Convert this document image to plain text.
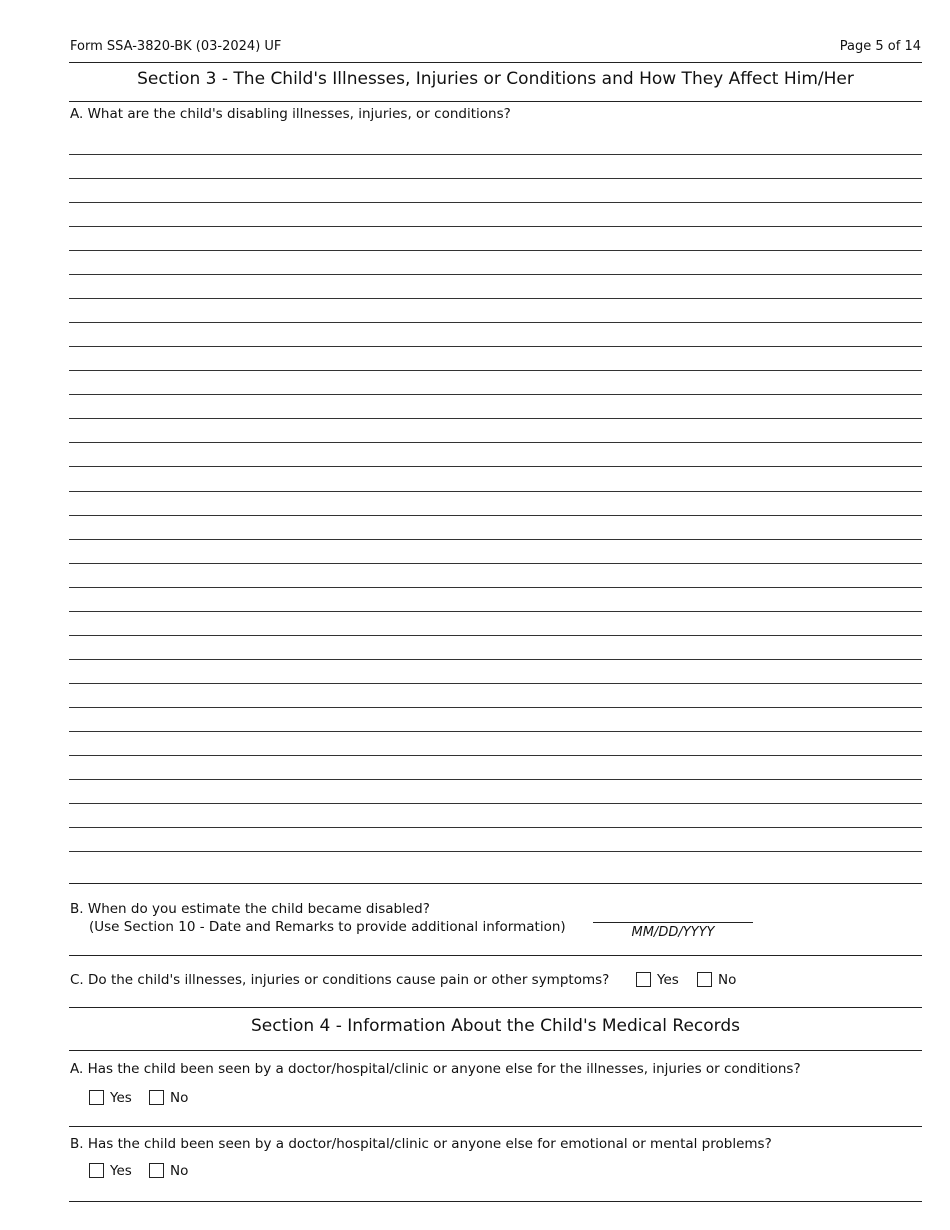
Form SSA-3820-BK (03-2024) UF	Page 5 of 14
Section 3 - The Child's Illnesses, Injuries or Conditions and How They Affect Him/Her
A. What are the child's disabling illnesses, injuries, or conditions?
B. When do you estimate the child became disabled?
(Use Section 10 - Date and Remarks to provide additional information)	MM/DD/YYYY
C. Do the child's illnesses, injuries or conditions cause pain or other symptoms?	Yes	No
Section 4 - Information About the Child's Medical Records
A. Has the child been seen by a doctor/hospital/clinic or anyone else for the illnesses, injuries or conditions?
Yes	No
B. Has the child been seen by a doctor/hospital/clinic or anyone else for emotional or mental problems?
Yes	No
